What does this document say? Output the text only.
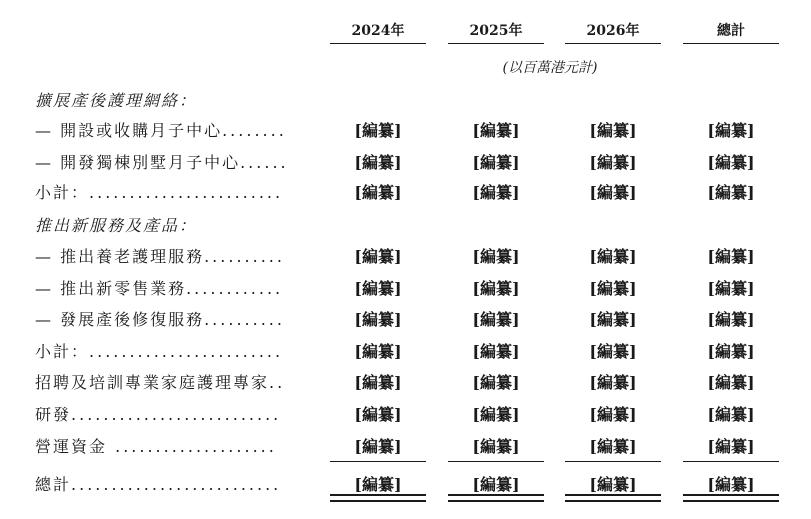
2024年	2025年	2026年	總計
(以百萬港元計)
擴展產後護理網絡：
— 開設或收購月子中心........	[編纂]	[編纂]	[編纂]	[編纂]
— 開發獨棟別墅月子中心......	[編纂]	[編纂]	[編纂]	[編纂]
小計：........................	[編纂]	[編纂]	[編纂]	[編纂]
推出新服務及產品：
— 推出養老護理服務..........	[編纂]	[編纂]	[編纂]	[編纂]
— 推出新零售業務............	[編纂]	[編纂]	[編纂]	[編纂]
— 發展產後修復服務..........	[編纂]	[編纂]	[編纂]	[編纂]
小計：........................	[編纂]	[編纂]	[編纂]	[編纂]
招聘及培訓專業家庭護理專家..	[編纂]	[編纂]	[編纂]	[編纂]
研發..........................	[編纂]	[編纂]	[編纂]	[編纂]
營運資金 ....................	[編纂]	[編纂]	[編纂]	[編纂]
總計..........................	[編纂]	[編纂]	[編纂]	[編纂]
